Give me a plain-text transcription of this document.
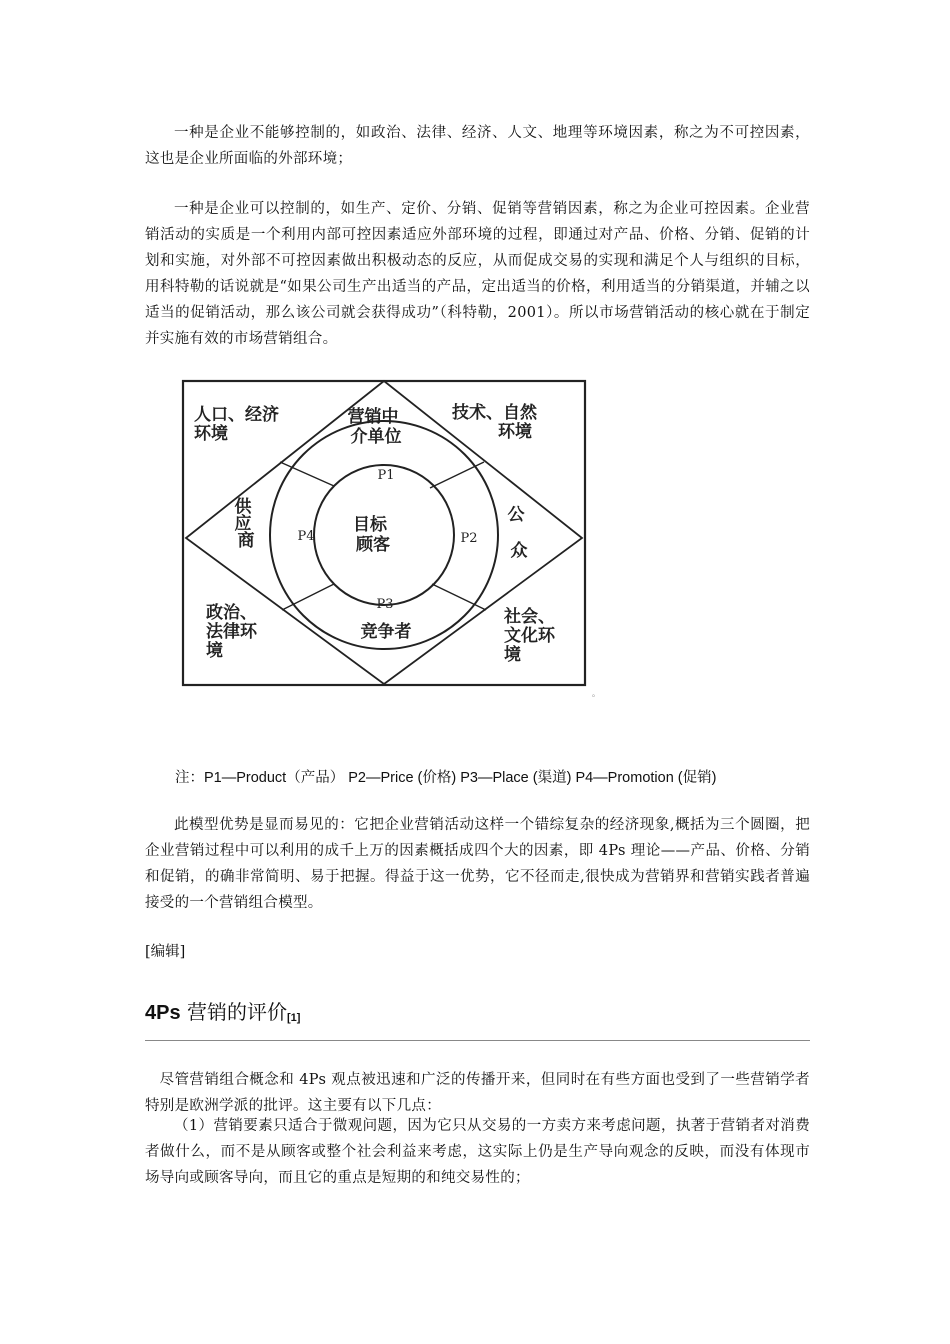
一种是企业不能够控制的，如政治、法律、经济、人文、地理等环境因素，称之为不可控因素，这也是企业所面临的外部环境；

一种是企业可以控制的，如生产、定价、分销、促销等营销因素，称之为企业可控因素。企业营销活动的实质是一个利用内部可控因素适应外部环境的过程，即通过对产品、价格、分销、促销的计划和实施，对外部不可控因素做出积极动态的反应，从而促成交易的实现和满足个人与组织的目标，用科特勒的话说就是“如果公司生产出适当的产品，定出适当的价格，利用适当的分销渠道，并辅之以适当的促销活动，那么该公司就会获得成功”（科特勒，2001）。所以市场营销活动的核心就在于制定并实施有效的市场营销组合。

人口、经济 环境
技术、自然 环境
政治、 法律环 境
社会、 文化环 境
营销中 介单位
供 应 商
公 众
竞争者
P1
P2
P3
P4
目标 顾客
。

注：P1—Product（产品） P2—Price (价格) P3—Place (渠道) P4—Promotion (促销)

此模型优势是显而易见的：它把企业营销活动这样一个错综复杂的经济现象,概括为三个圆圈，把企业营销过程中可以利用的成千上万的因素概括成四个大的因素，即 4Ps 理论——产品、价格、分销和促销，的确非常简明、易于把握。得益于这一优势，它不径而走,很快成为营销界和营销实践者普遍接受的一个营销组合模型。

[编辑]

4Ps 营销的评价[1]

尽管营销组合概念和 4Ps 观点被迅速和广泛的传播开来，但同时在有些方面也受到了一些营销学者特别是欧洲学派的批评。这主要有以下几点：

（1）营销要素只适合于微观问题，因为它只从交易的一方卖方来考虑问题，执著于营销者对消费者做什么，而不是从顾客或整个社会利益来考虑，这实际上仍是生产导向观念的反映，而没有体现市场导向或顾客导向，而且它的重点是短期的和纯交易性的；
